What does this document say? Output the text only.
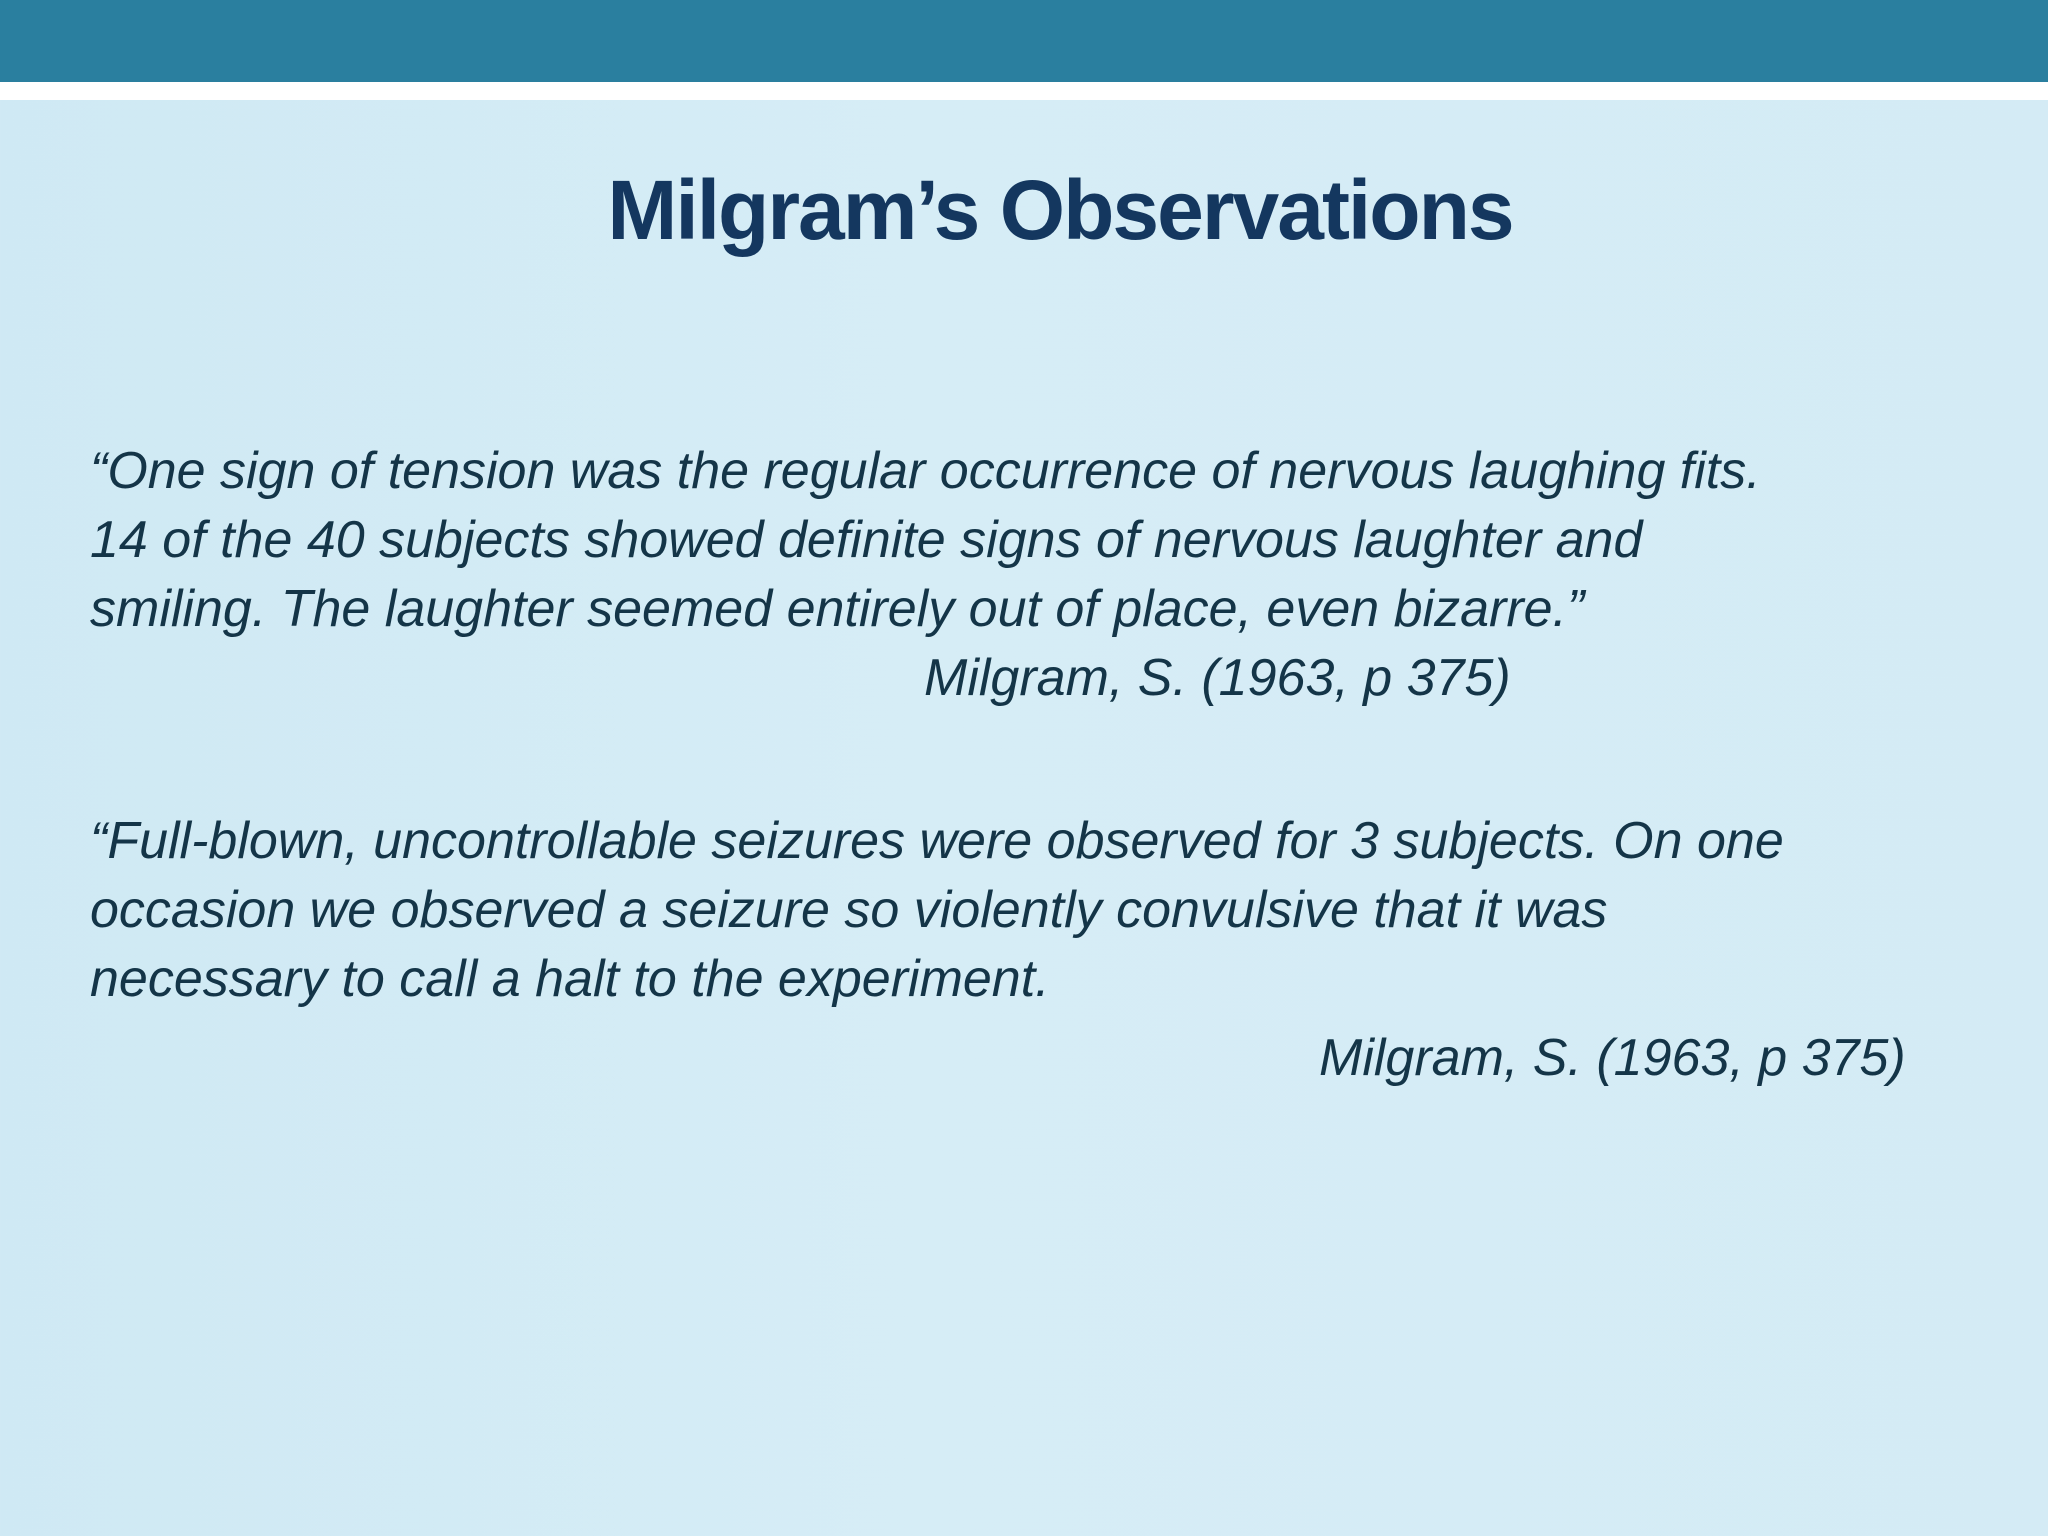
Milgram’s Observations

“One sign of tension was the regular occurrence of nervous laughing fits.
14 of the 40 subjects showed definite signs of nervous laughter and
smiling. The laughter seemed entirely out of place, even bizarre.”

Milgram, S. (1963, p 375)

“Full-blown, uncontrollable seizures were observed for 3 subjects. On one
occasion we observed a seizure so violently convulsive that it was
necessary to call a halt to the experiment.

Milgram, S. (1963, p 375)
